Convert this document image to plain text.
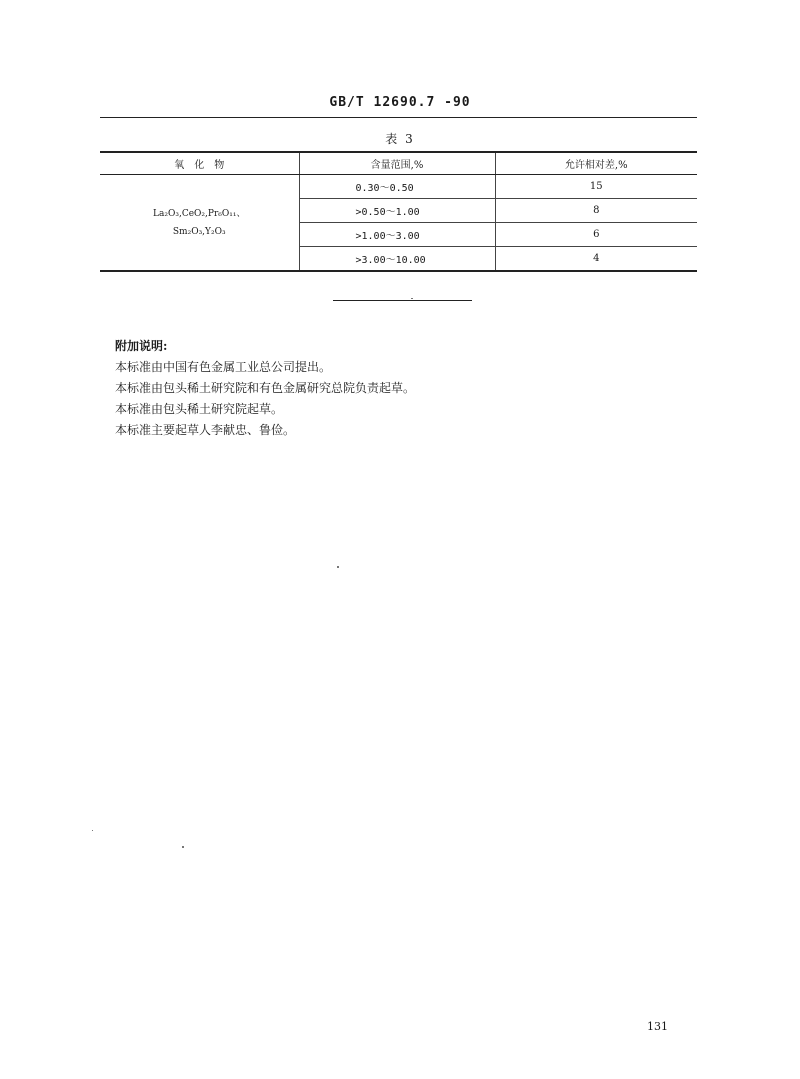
GB/T 12690.7 -90
表 3
氧　化　物	含量范围,%	允许相对差,%

La₂O₃,CeO₂,Pr₆O₁₁、
Sm₂O₃,Y₂O₃	0.30～0.50	15
	>0.50～1.00	8
	>1.00～3.00	6
	>3.00～10.00	4

附加说明:

本标准由中国有色金属工业总公司提出。

本标准由包头稀土研究院和有色金属研究总院负责起草。

本标准由包头稀土研究院起草。

本标准主要起草人李献忠、鲁俭。

131
